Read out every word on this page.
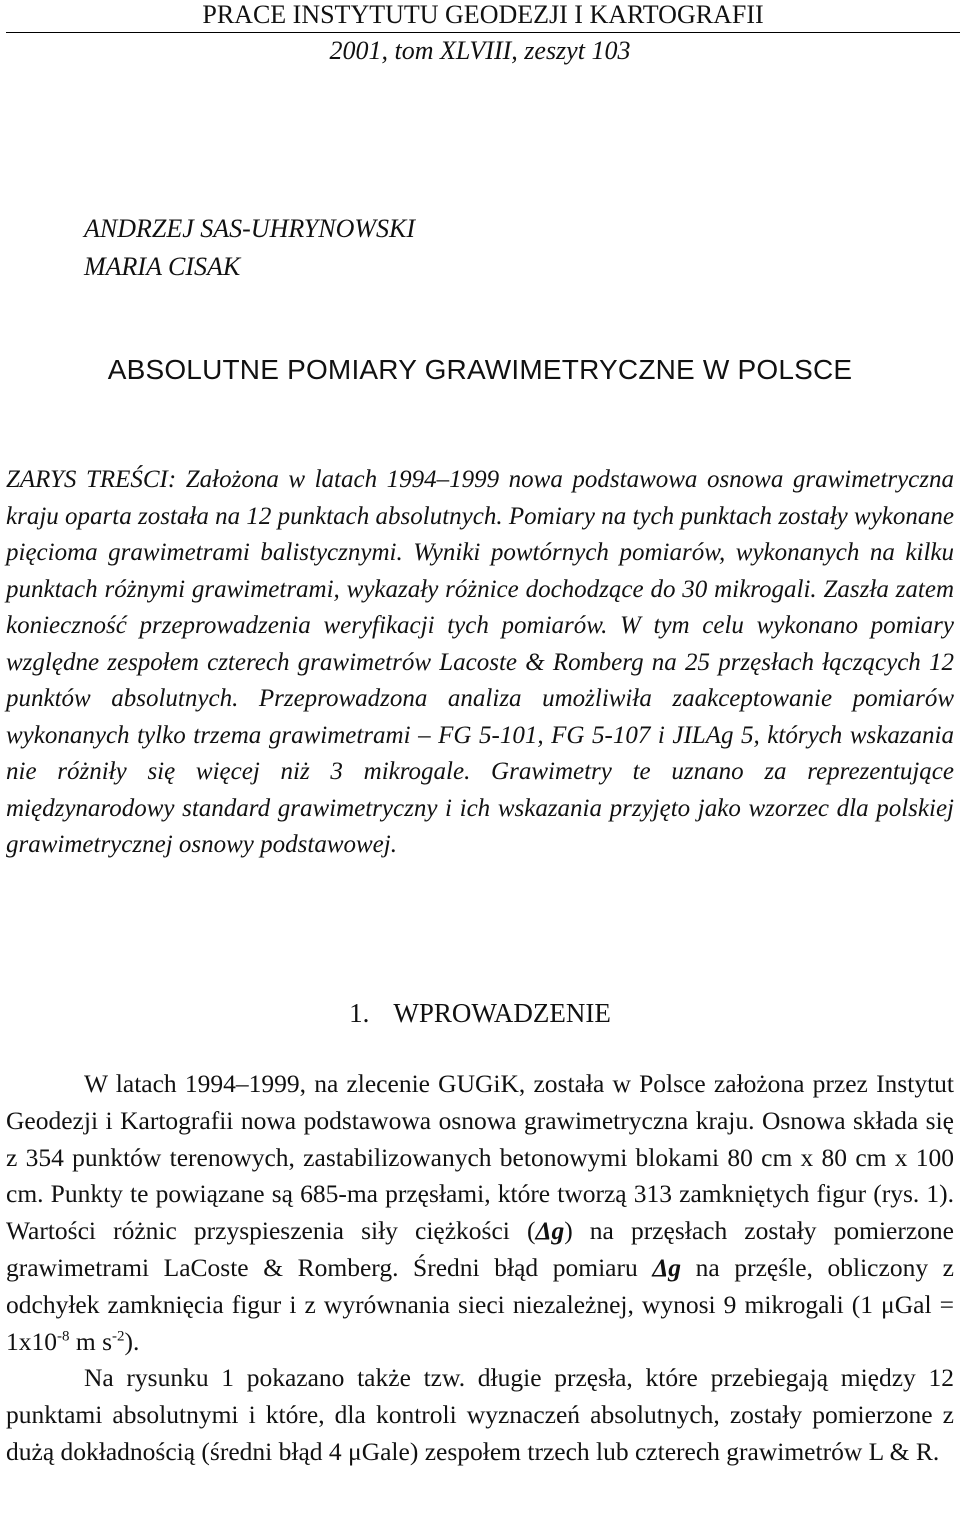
PRACE INSTYTUTU GEODEZJI I KARTOGRAFII
2001, tom XLVIII, zeszyt 103
ANDRZEJ SAS-UHRYNOWSKI
MARIA CISAK
ABSOLUTNE POMIARY GRAWIMETRYCZNE W POLSCE
ZARYS TREŚCI: Założona w latach 1994–1999 nowa podstawowa osnowa grawimetryczna kraju oparta została na 12 punktach absolutnych. Pomiary na tych punktach zostały wykonane pięcioma grawimetrami balistycznymi. Wyniki powtórnych pomiarów, wykonanych na kilku punktach różnymi grawimetrami, wykazały różnice dochodzące do 30 mikrogali. Zaszła zatem konieczność przeprowadzenia weryfikacji tych pomiarów. W tym celu wykonano pomiary względne zespołem czterech grawimetrów Lacoste & Romberg na 25 przęsłach łączących 12 punktów absolutnych. Przeprowadzona analiza umożliwiła zaakceptowanie pomiarów wykonanych tylko trzema grawimetrami – FG 5-101, FG 5-107 i JILAg 5, których wskazania nie różniły się więcej niż 3 mikrogale. Grawimetry te uznano za reprezentujące międzynarodowy standard grawimetryczny i ich wskazania przyjęto jako wzorzec dla polskiej grawimetrycznej osnowy podstawowej.
1. WPROWADZENIE

W latach 1994–1999, na zlecenie GUGiK, została w Polsce założona przez Instytut Geodezji i Kartografii nowa podstawowa osnowa grawimetryczna kraju. Osnowa składa się z 354 punktów terenowych, zastabilizowanych betonowymi blokami 80 cm x 80 cm x 100 cm. Punkty te powiązane są 685-ma przęsłami, które tworzą 313 zamkniętych figur (rys. 1). Wartości różnic przyspieszenia siły ciężkości (Δg) na przęsłach zostały pomierzone grawimetrami LaCoste & Romberg. Średni błąd pomiaru Δg na przęśle, obliczony z odchyłek zamknięcia figur i z wyrównania sieci niezależnej, wynosi 9 mikrogali (1 $\mu Gal = 1x10^{-8}$ m $s^{-2}$).

Na rysunku 1 pokazano także tzw. długie przęsła, które przebiegają między 12 punktami absolutnymi i które, dla kontroli wyznaczeń absolutnych, zostały pomierzone z dużą dokładnością (średni błąd 4 μGale) zespołem trzech lub czterech grawimetrów L & R.
